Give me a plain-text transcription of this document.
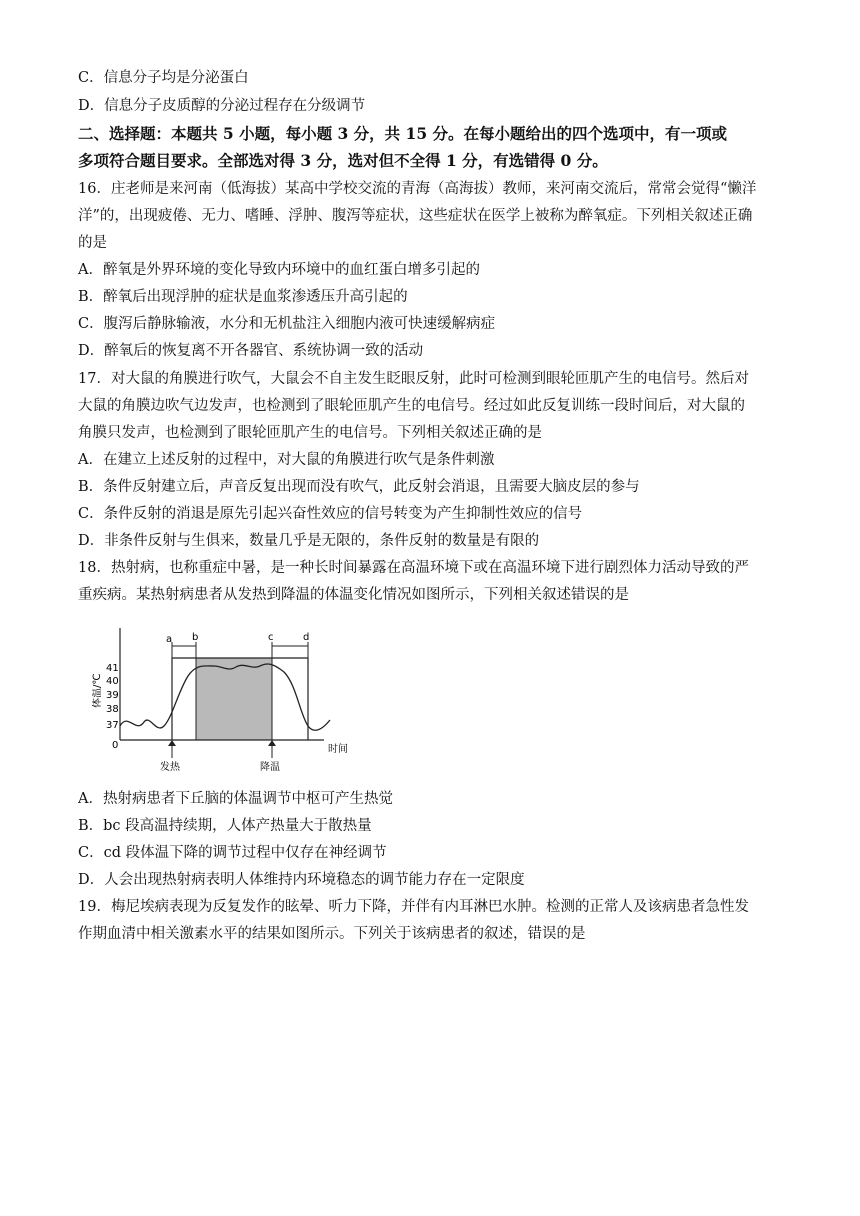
C．信息分子均是分泌蛋白
D．信息分子皮质醇的分泌过程存在分级调节
二、选择题：本题共 5 小题，每小题 3 分，共 15 分。在每小题给出的四个选项中，有一项或
多项符合题目要求。全部选对得 3 分，选对但不全得 1 分，有选错得 0 分。
16．庄老师是来河南（低海拔）某高中学校交流的青海（高海拔）教师，来河南交流后，常常会觉得“懒洋
洋”的，出现疲倦、无力、嗜睡、浮肿、腹泻等症状，这些症状在医学上被称为醉氧症。下列相关叙述正确
的是
A．醉氧是外界环境的变化导致内环境中的血红蛋白增多引起的
B．醉氧后出现浮肿的症状是血浆渗透压升高引起的
C．腹泻后静脉输液，水分和无机盐注入细胞内液可快速缓解病症
D．醉氧后的恢复离不开各器官、系统协调一致的活动
17．对大鼠的角膜进行吹气，大鼠会不自主发生眨眼反射，此时可检测到眼轮匝肌产生的电信号。然后对
大鼠的角膜边吹气边发声，也检测到了眼轮匝肌产生的电信号。经过如此反复训练一段时间后，对大鼠的
角膜只发声，也检测到了眼轮匝肌产生的电信号。下列相关叙述正确的是
A．在建立上述反射的过程中，对大鼠的角膜进行吹气是条件刺激
B．条件反射建立后，声音反复出现而没有吹气，此反射会消退，且需要大脑皮层的参与
C．条件反射的消退是原先引起兴奋性效应的信号转变为产生抑制性效应的信号
D．非条件反射与生俱来，数量几乎是无限的，条件反射的数量是有限的
18．热射病，也称重症中暑，是一种长时间暴露在高温环境下或在高温环境下进行剧烈体力活动导致的严
重疾病。某热射病患者从发热到降温的体温变化情况如图所示，下列相关叙述错误的是
41
40
39
38
37
0
体温/℃
时间
a b	c	d
发热	降温
A．热射病患者下丘脑的体温调节中枢可产生热觉
B．bc 段高温持续期，人体产热量大于散热量
C．cd 段体温下降的调节过程中仅存在神经调节
D．人会出现热射病表明人体维持内环境稳态的调节能力存在一定限度
19．梅尼埃病表现为反复发作的眩晕、听力下降，并伴有内耳淋巴水肿。检测的正常人及该病患者急性发
作期血清中相关激素水平的结果如图所示。下列关于该病患者的叙述，错误的是
